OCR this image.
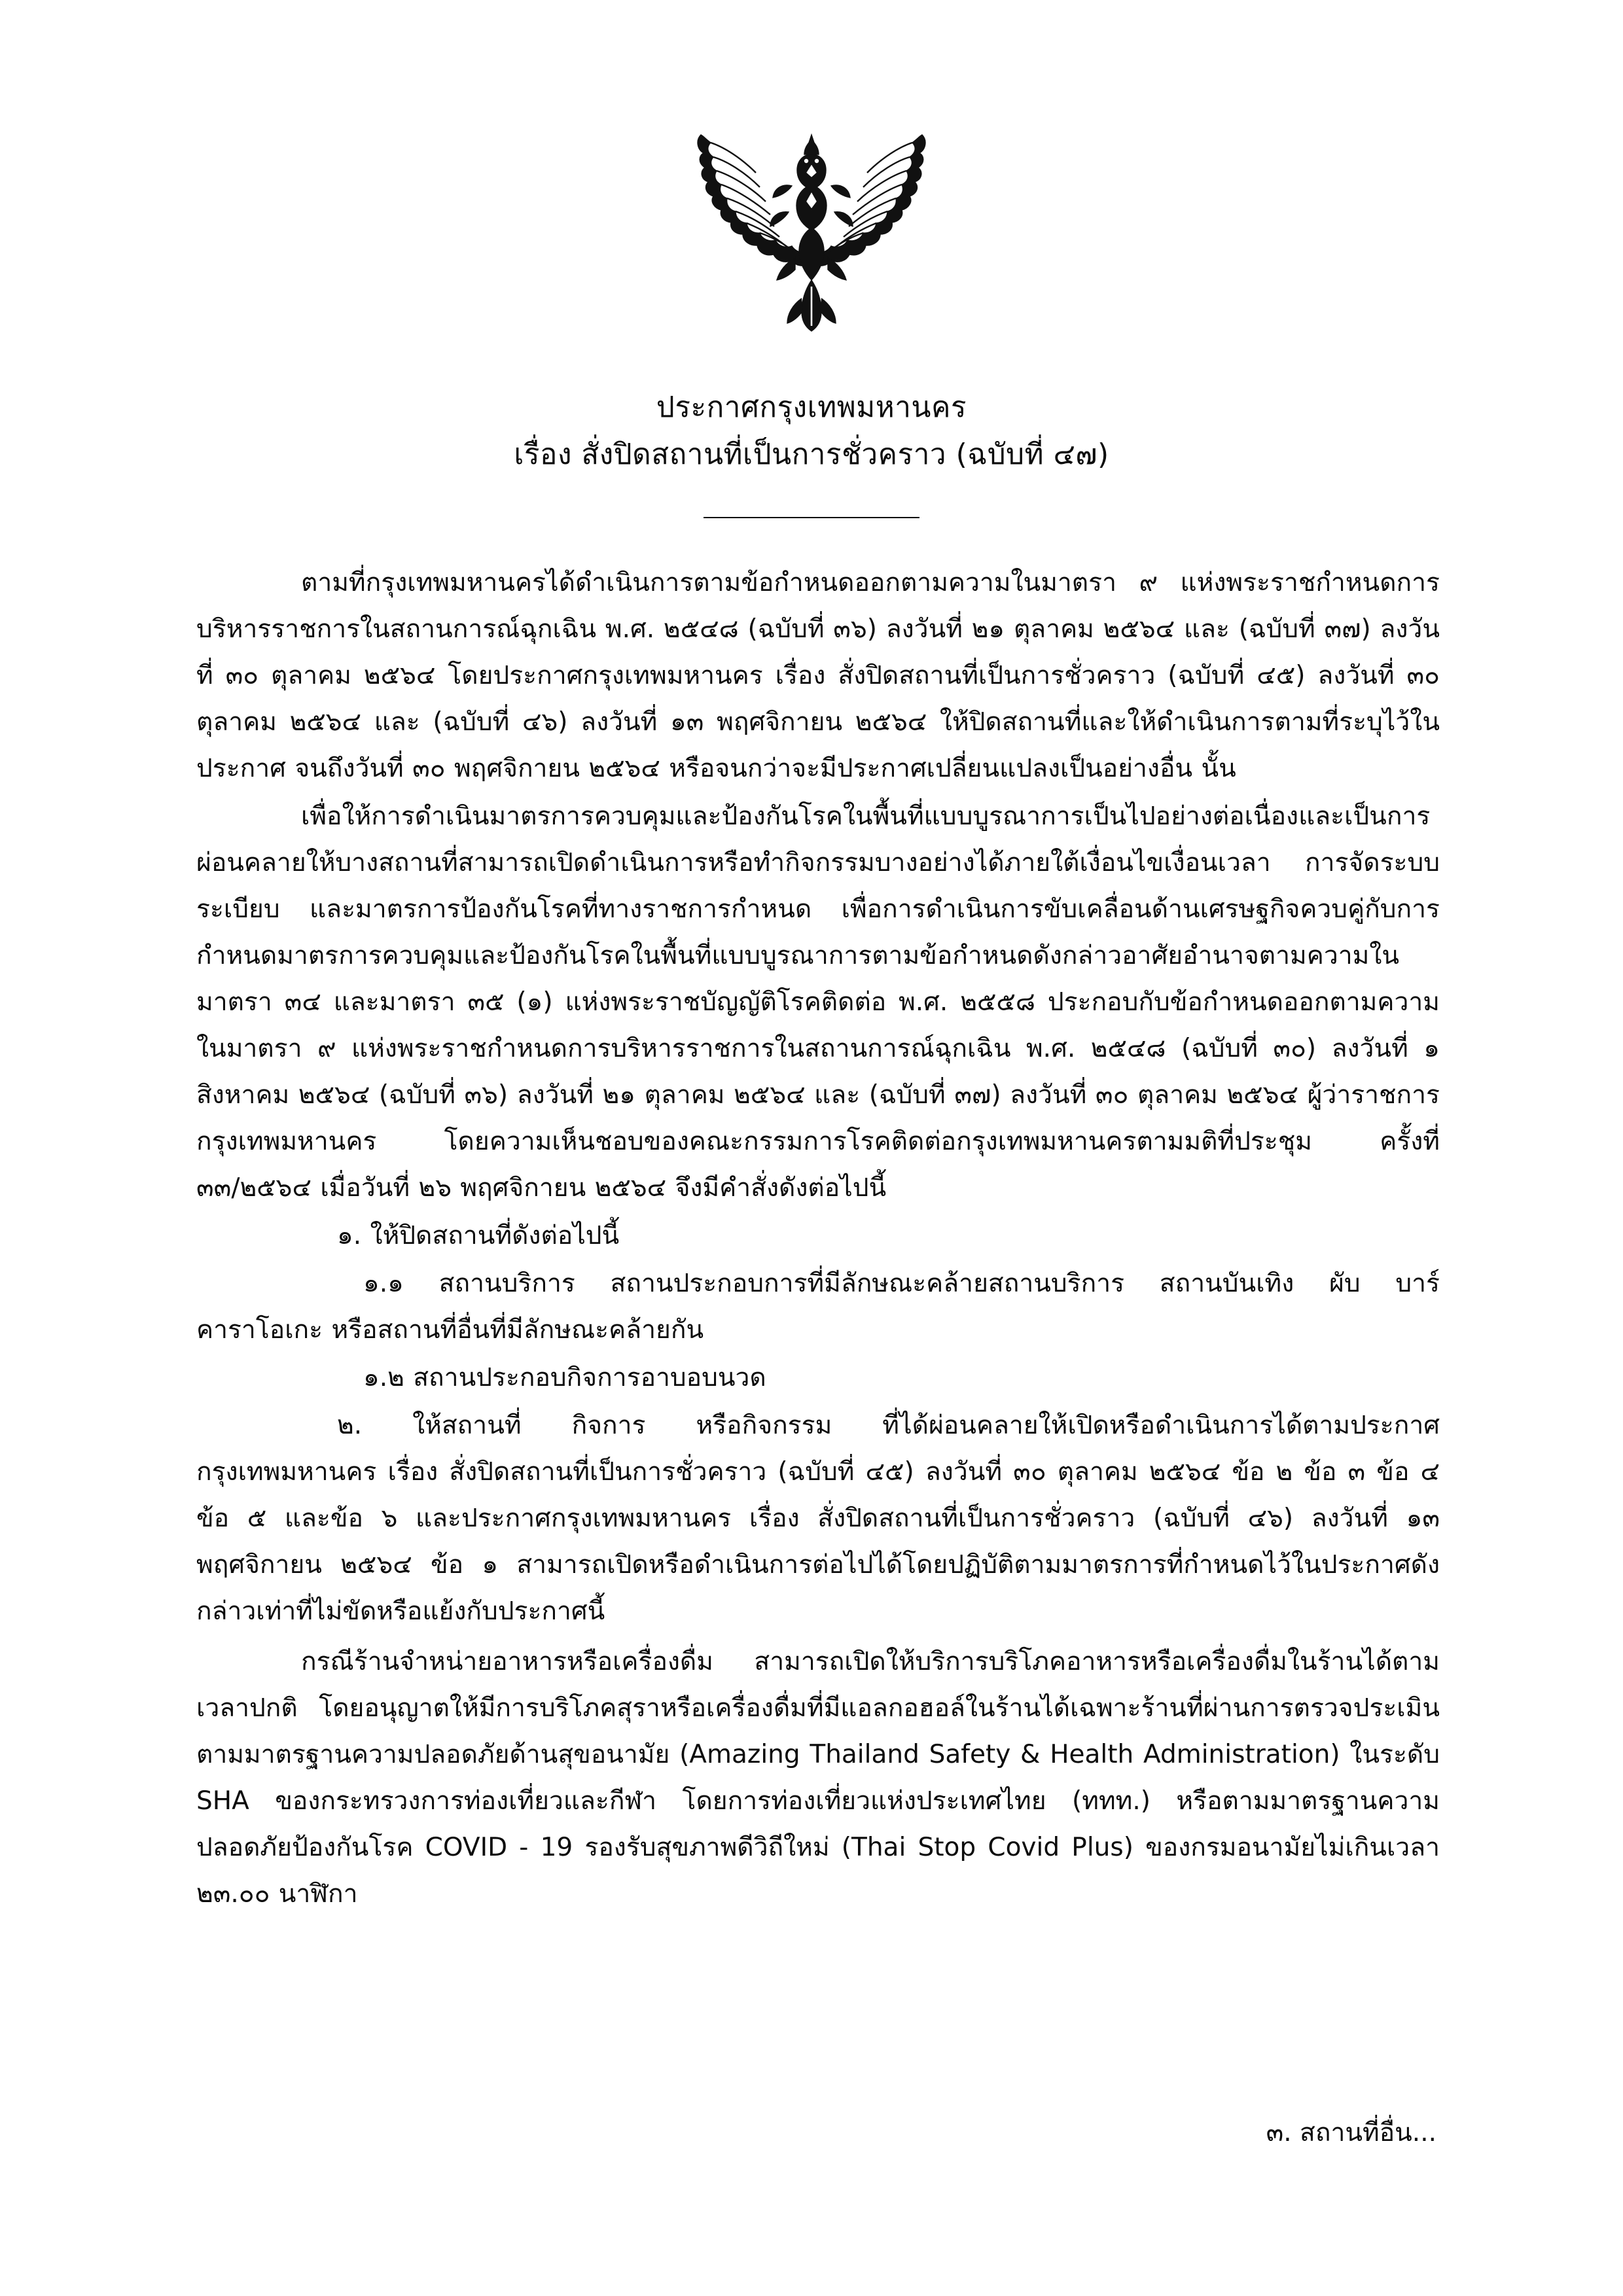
ประกาศกรุงเทพมหานคร
เรื่อง สั่งปิดสถานที่เป็นการชั่วคราว (ฉบับที่ ๔๗)

ตามที่กรุงเทพมหานครได้ดำเนินการตามข้อกำหนดออกตามความในมาตรา ๙ แห่งพระราชกำหนดการบริหารราชการในสถานการณ์ฉุกเฉิน พ.ศ. ๒๕๔๘ (ฉบับที่ ๓๖) ลงวันที่ ๒๑ ตุลาคม ๒๕๖๔ และ (ฉบับที่ ๓๗) ลงวันที่ ๓๐ ตุลาคม ๒๕๖๔ โดยประกาศกรุงเทพมหานคร เรื่อง สั่งปิดสถานที่เป็นการชั่วคราว (ฉบับที่ ๔๕) ลงวันที่ ๓๐ ตุลาคม ๒๕๖๔ และ (ฉบับที่ ๔๖) ลงวันที่ ๑๓ พฤศจิกายน ๒๕๖๔ ให้ปิดสถานที่และให้ดำเนินการตามที่ระบุไว้ในประกาศ จนถึงวันที่ ๓๐ พฤศจิกายน ๒๕๖๔ หรือจนกว่าจะมีประกาศเปลี่ยนแปลงเป็นอย่างอื่น นั้น

เพื่อให้การดำเนินมาตรการควบคุมและป้องกันโรคในพื้นที่แบบบูรณาการเป็นไปอย่างต่อเนื่องและเป็นการผ่อนคลายให้บางสถานที่สามารถเปิดดำเนินการหรือทำกิจกรรมบางอย่างได้ภายใต้เงื่อนไขเงื่อนเวลา การจัดระบบ ระเบียบ และมาตรการป้องกันโรคที่ทางราชการกำหนด เพื่อการดำเนินการขับเคลื่อนด้านเศรษฐกิจควบคู่กับการกำหนดมาตรการควบคุมและป้องกันโรคในพื้นที่แบบบูรณาการตามข้อกำหนดดังกล่าวอาศัยอำนาจตามความในมาตรา ๓๔ และมาตรา ๓๕ (๑) แห่งพระราชบัญญัติโรคติดต่อ พ.ศ. ๒๕๕๘ ประกอบกับข้อกำหนดออกตามความในมาตรา ๙ แห่งพระราชกำหนดการบริหารราชการในสถานการณ์ฉุกเฉิน พ.ศ. ๒๕๔๘ (ฉบับที่ ๓๐) ลงวันที่ ๑ สิงหาคม ๒๕๖๔ (ฉบับที่ ๓๖) ลงวันที่ ๒๑ ตุลาคม ๒๕๖๔ และ (ฉบับที่ ๓๗) ลงวันที่ ๓๐ ตุลาคม ๒๕๖๔ ผู้ว่าราชการกรุงเทพมหานคร โดยความเห็นชอบของคณะกรรมการโรคติดต่อกรุงเทพมหานครตามมติที่ประชุม ครั้งที่ ๓๓/๒๕๖๔ เมื่อวันที่ ๒๖ พฤศจิกายน ๒๕๖๔ จึงมีคำสั่งดังต่อไปนี้

๑. ให้ปิดสถานที่ดังต่อไปนี้

๑.๑ สถานบริการ สถานประกอบการที่มีลักษณะคล้ายสถานบริการ สถานบันเทิง ผับ บาร์ คาราโอเกะ หรือสถานที่อื่นที่มีลักษณะคล้ายกัน

๑.๒ สถานประกอบกิจการอาบอบนวด

๒. ให้สถานที่ กิจการ หรือกิจกรรม ที่ได้ผ่อนคลายให้เปิดหรือดำเนินการได้ตามประกาศกรุงเทพมหานคร เรื่อง สั่งปิดสถานที่เป็นการชั่วคราว (ฉบับที่ ๔๕) ลงวันที่ ๓๐ ตุลาคม ๒๕๖๔ ข้อ ๒ ข้อ ๓ ข้อ ๔ ข้อ ๕ และข้อ ๖ และประกาศกรุงเทพมหานคร เรื่อง สั่งปิดสถานที่เป็นการชั่วคราว (ฉบับที่ ๔๖) ลงวันที่ ๑๓ พฤศจิกายน ๒๕๖๔ ข้อ ๑ สามารถเปิดหรือดำเนินการต่อไปได้โดยปฏิบัติตามมาตรการที่กำหนดไว้ในประกาศดังกล่าวเท่าที่ไม่ขัดหรือแย้งกับประกาศนี้

กรณีร้านจำหน่ายอาหารหรือเครื่องดื่ม สามารถเปิดให้บริการบริโภคอาหารหรือเครื่องดื่มในร้านได้ตามเวลาปกติ โดยอนุญาตให้มีการบริโภคสุราหรือเครื่องดื่มที่มีแอลกอฮอล์ในร้านได้เฉพาะร้านที่ผ่านการตรวจประเมินตามมาตรฐานความปลอดภัยด้านสุขอนามัย (Amazing Thailand Safety & Health Administration) ในระดับ SHA ของกระทรวงการท่องเที่ยวและกีฬา โดยการท่องเที่ยวแห่งประเทศไทย (ททท.) หรือตามมาตรฐานความปลอดภัยป้องกันโรค COVID - 19 รองรับสุขภาพดีวิถีใหม่ (Thai Stop Covid Plus) ของกรมอนามัยไม่เกินเวลา ๒๓.๐๐ นาฬิกา

๓. สถานที่อื่น...
